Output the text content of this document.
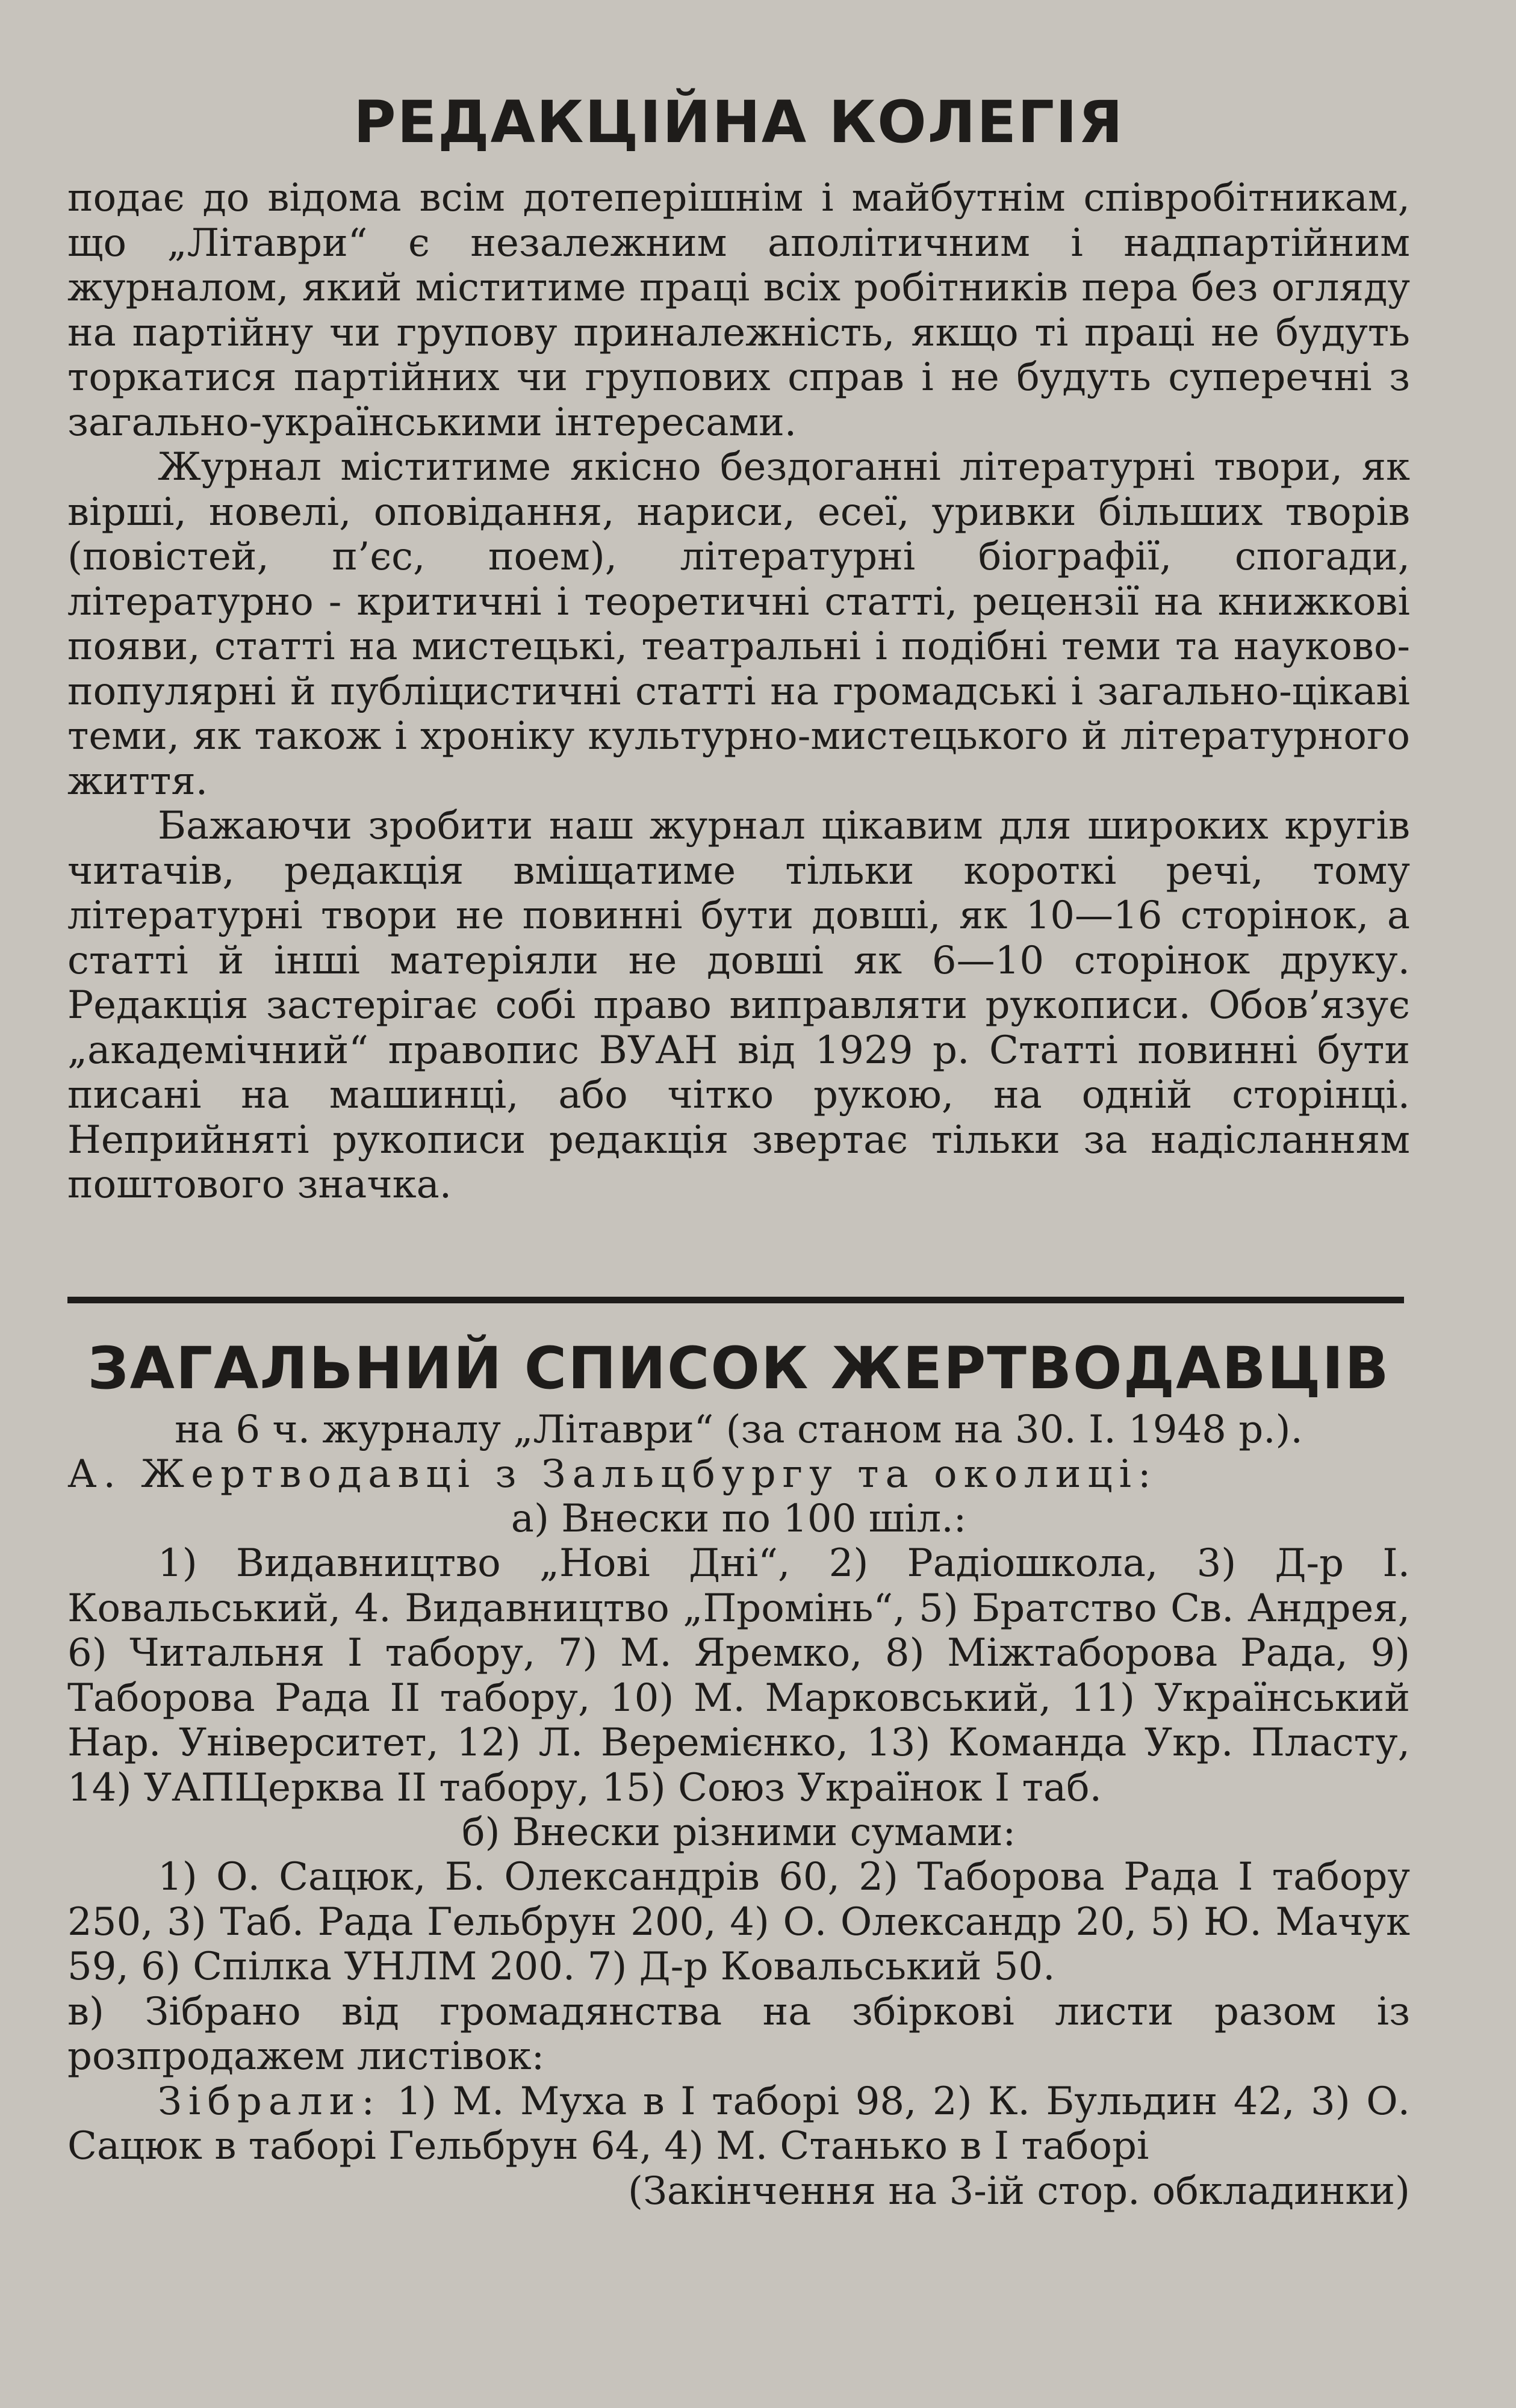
РЕДАКЦІЙНА КОЛЕГІЯ

подає до відома всім дотеперішнім і майбутнім співробітникам, що „Літаври“ є незалежним аполітичним і надпартійним журналом, який міститиме праці всіх робітників пера без огляду на партійну чи групову приналежність, якщо ті праці не будуть торкатися партійних чи групових справ і не будуть суперечні з загально-українськими інтересами.

Журнал міститиме якісно бездоганні літературні твори, як вірші, новелі, оповідання, нариси, есеї, уривки більших творів (повістей, п’єс, поем), літературні біографії, спогади, літературно - критичні і теоретичні статті, рецензії на книжкові появи, статті на мистецькі, театральні і подібні теми та науково-популярні й публіцистичні статті на громадські і загально-цікаві теми, як також і хроніку культурно-мистецького й літературного життя.

Бажаючи зробити наш журнал цікавим для широких кругів читачів, редакція вміщатиме тільки короткі речі, тому літературні твори не повинні бути довші, як 10—16 сторінок, а статті й інші матеріяли не довші як 6—10 сторінок друку. Редакція застерігає собі право виправляти рукописи. Обов’язує „академічний“ правопис ВУАН від 1929 р. Статті повинні бути писані на машинці, або чітко рукою, на одній сторінці. Неприйняті рукописи редакція звертає тільки за надісланням поштового значка.

ЗАГАЛЬНИЙ СПИСОК ЖЕРТВОДАВЦІВ

на 6 ч. журналу „Літаври“ (за станом на 30. I. 1948 р.).

А. Жертводавці з Зальцбургу та околиці:

а) Внески по 100 шіл.:

1) Видавництво „Нові Дні“, 2) Радіошкола, 3) Д-р І. Ковальський, 4. Видавництво „Промінь“, 5) Братство Св. Андрея, 6) Читальня І табору, 7) М. Яремко, 8) Міжтаборова Рада, 9) Таборова Рада II табору, 10) М. Марковський, 11) Український Нар. Університет, 12) Л. Веремієнко, 13) Команда Укр. Пласту, 14) УАПЦерква II табору, 15) Союз Українок І таб.

б) Внески різними сумами:

1) О. Сацюк, Б. Олександрів 60, 2) Таборова Рада I табору 250, 3) Таб. Рада Гельбрун 200, 4) О. Олександр 20, 5) Ю. Мачук 59, 6) Спілка УНЛМ 200. 7) Д-р Ковальський 50.

в) Зібрано від громадянства на збіркові листи разом із розпродажем листівок:

Зібрали: 1) М. Муха в І таборі 98, 2) К. Бульдин 42, 3) О. Сацюк в таборі Гельбрун 64, 4) М. Станько в І таборі

(Закінчення на 3-ій стор. обкладинки)
